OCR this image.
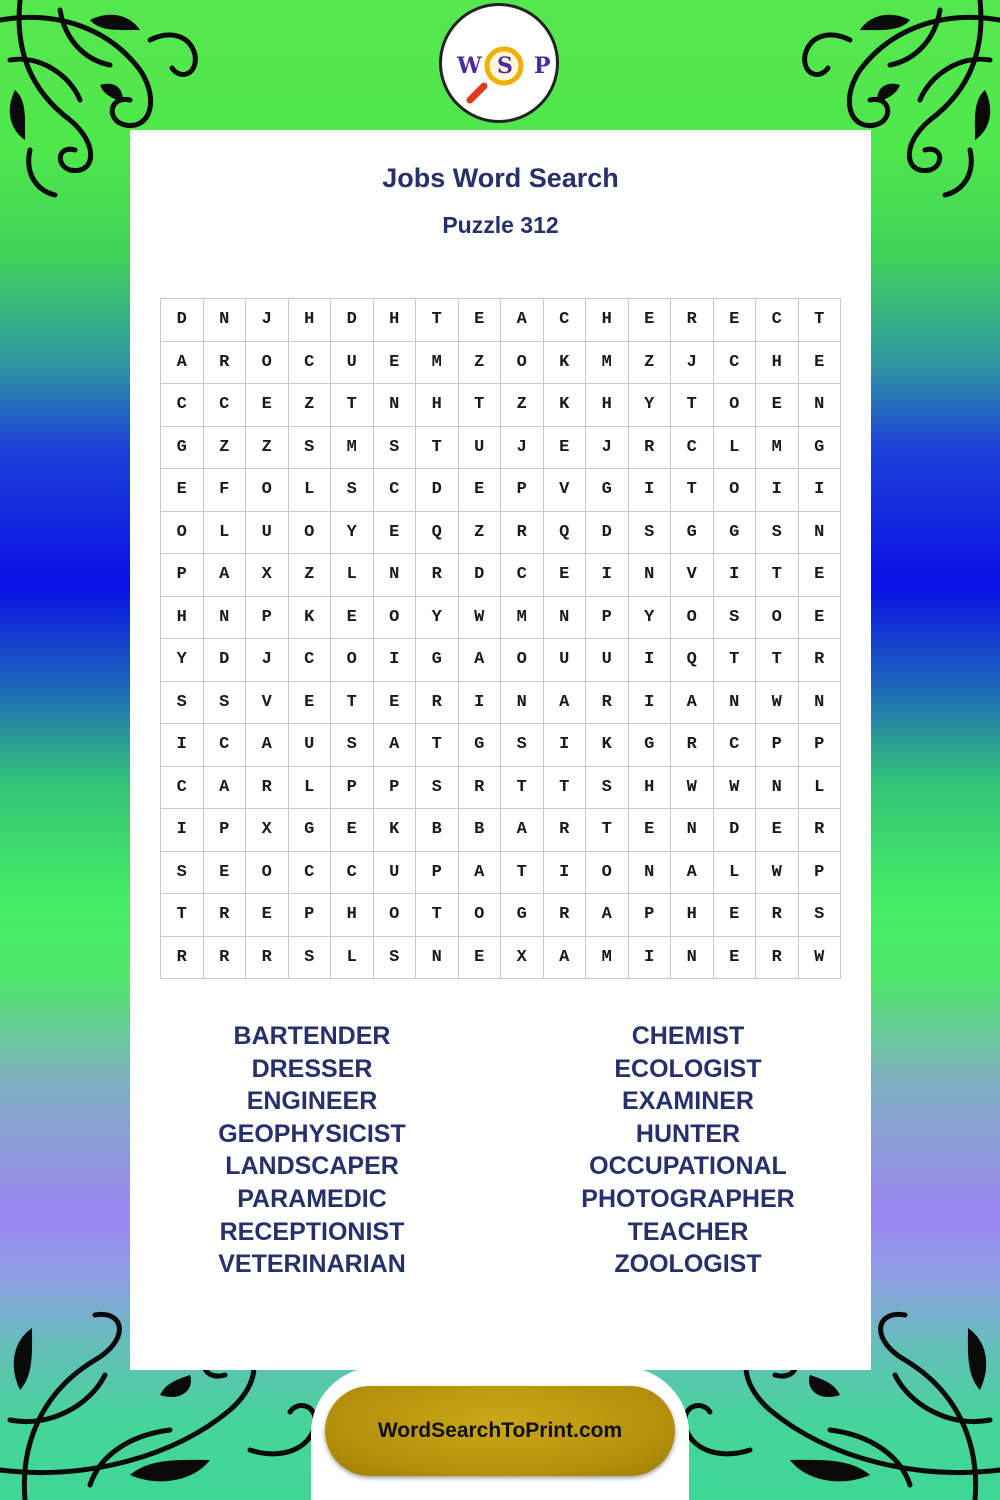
W S P
Jobs Word Search
Puzzle 312
D	N	J	H	D	H	T	E	A	C	H	E	R	E	C	T
A	R	O	C	U	E	M	Z	O	K	M	Z	J	C	H	E
C	C	E	Z	T	N	H	T	Z	K	H	Y	T	O	E	N
G	Z	Z	S	M	S	T	U	J	E	J	R	C	L	M	G
E	F	O	L	S	C	D	E	P	V	G	I	T	O	I	I
O	L	U	O	Y	E	Q	Z	R	Q	D	S	G	G	S	N
P	A	X	Z	L	N	R	D	C	E	I	N	V	I	T	E
H	N	P	K	E	O	Y	W	M	N	P	Y	O	S	O	E
Y	D	J	C	O	I	G	A	O	U	U	I	Q	T	T	R
S	S	V	E	T	E	R	I	N	A	R	I	A	N	W	N
I	C	A	U	S	A	T	G	S	I	K	G	R	C	P	P
C	A	R	L	P	P	S	R	T	T	S	H	W	W	N	L
I	P	X	G	E	K	B	B	A	R	T	E	N	D	E	R
S	E	O	C	C	U	P	A	T	I	O	N	A	L	W	P
T	R	E	P	H	O	T	O	G	R	A	P	H	E	R	S
R	R	R	S	L	S	N	E	X	A	M	I	N	E	R	W
BARTENDER
DRESSER
ENGINEER
GEOPHYSICIST
LANDSCAPER
PARAMEDIC
RECEPTIONIST
VETERINARIAN
CHEMIST
ECOLOGIST
EXAMINER
HUNTER
OCCUPATIONAL
PHOTOGRAPHER
TEACHER
ZOOLOGIST
WordSearchToPrint.com
